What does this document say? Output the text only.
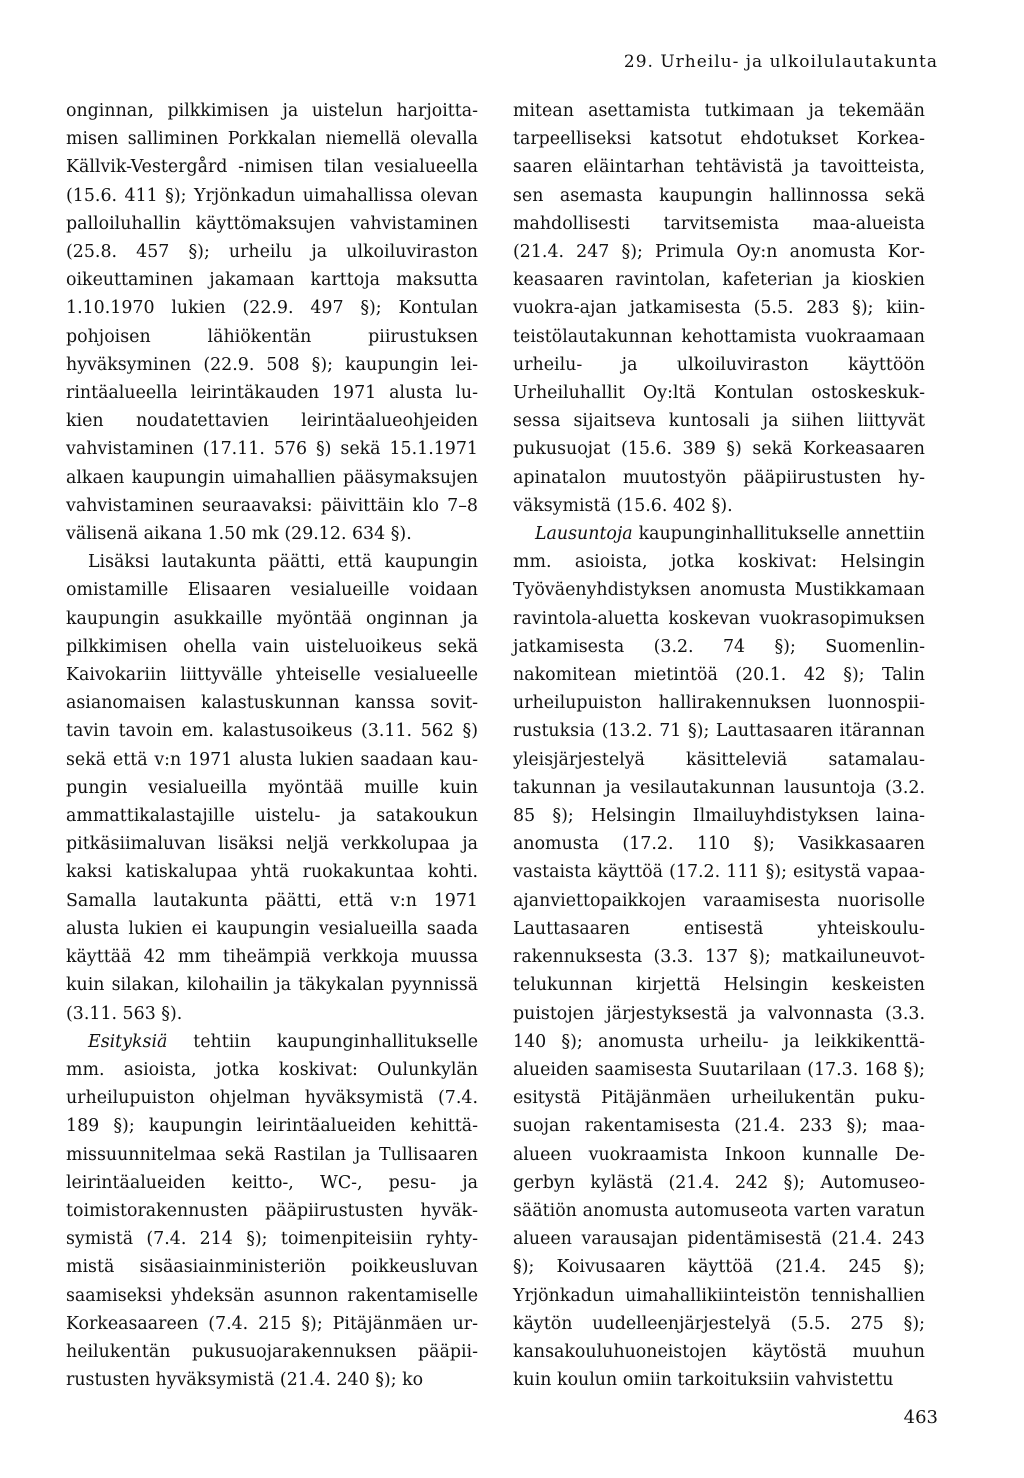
29. Urheilu- ja ulkoilulautakunta

onginnan, pilkkimisen ja uistelun harjoittamisen salliminen Porkkalan niemellä olevalla Källvik-Vestergård -nimisen tilan vesialueella (15.6. 411 §); Yrjönkadun uimahallissa olevan palloiluhallin käyttömaksujen vahvistaminen (25.8. 457 §); urheilu ja ulkoiluviraston oikeuttaminen jakamaan karttoja maksutta 1.10.1970 lukien (22.9. 497 §); Kontulan pohjoisen lähiökentän piirustuksen hyväksyminen (22.9. 508 §); kaupungin leirintäalueella leirintäkauden 1971 alusta lukien noudatettavien leirintäalueohjeiden vahvistaminen (17.11. 576 §) sekä 15.1.1971 alkaen kaupungin uimahallien pääsymaksujen vahvistaminen seuraavaksi: päivittäin klo 7–8 välisenä aikana 1.50 mk (29.12. 634 §).

Lisäksi lautakunta päätti, että kaupungin omistamille Elisaaren vesialueille voidaan kaupungin asukkaille myöntää onginnan ja pilkkimisen ohella vain uisteluoikeus sekä Kaivokariin liittyvälle yhteiselle vesialueelle asianomaisen kalastuskunnan kanssa sovittavin tavoin em. kalastusoikeus (3.11. 562 §) sekä että v:n 1971 alusta lukien saadaan kaupungin vesialueilla myöntää muille kuin ammattikalastajille uistelu- ja satakoukun pitkäsiimaluvan lisäksi neljä verkkolupaa ja kaksi katiskalupaa yhtä ruokakuntaa kohti. Samalla lautakunta päätti, että v:n 1971 alusta lukien ei kaupungin vesialueilla saada käyttää 42 mm tiheämpiä verkkoja muussa kuin silakan, kilohailin ja täkykalan pyynnissä (3.11. 563 §).

Esityksiä tehtiin kaupunginhallitukselle mm. asioista, jotka koskivat: Oulunkylän urheilupuiston ohjelman hyväksymistä (7.4. 189 §); kaupungin leirintäalueiden kehittämissuunnitelmaa sekä Rastilan ja Tullisaaren leirintäalueiden keitto-, WC-, pesu- ja toimistorakennusten pääpiirustusten hyväksymistä (7.4. 214 §); toimenpiteisiin ryhtymistä sisäasiainministeriön poikkeusluvan saamiseksi yhdeksän asunnon rakentamiselle Korkeasaareen (7.4. 215 §); Pitäjänmäen urheilukentän pukusuojarakennuksen pääpiirustusten hyväksymistä (21.4. 240 §); ko

mitean asettamista tutkimaan ja tekemään tarpeelliseksi katsotut ehdotukset Korkeasaaren eläintarhan tehtävistä ja tavoitteista, sen asemasta kaupungin hallinnossa sekä mahdollisesti tarvitsemista maa-alueista (21.4. 247 §); Primula Oy:n anomusta Korkeasaaren ravintolan, kafeterian ja kioskien vuokra-ajan jatkamisesta (5.5. 283 §); kiinteistölautakunnan kehottamista vuokraamaan urheilu- ja ulkoiluviraston käyttöön Urheiluhallit Oy:ltä Kontulan ostoskeskuksessa sijaitseva kuntosali ja siihen liittyvät pukusuojat (15.6. 389 §) sekä Korkeasaaren apinatalon muutostyön pääpiirustusten hyväksymistä (15.6. 402 §).

Lausuntoja kaupunginhallitukselle annettiin mm. asioista, jotka koskivat: Helsingin Työväenyhdistyksen anomusta Mustikkamaan ravintola-aluetta koskevan vuokrasopimuksen jatkamisesta (3.2. 74 §); Suomenlinnakomitean mietintöä (20.1. 42 §); Talin urheilupuiston hallirakennuksen luonnospiirustuksia (13.2. 71 §); Lauttasaaren itärannan yleisjärjestelyä käsitteleviä satamalautakunnan ja vesilautakunnan lausuntoja (3.2. 85 §); Helsingin Ilmailuyhdistyksen laina-anomusta (17.2. 110 §); Vasikkasaaren vastaista käyttöä (17.2. 111 §); esitystä vapaa-ajanviettopaikkojen varaamisesta nuorisolle Lauttasaaren entisestä yhteiskoulurakennuksesta (3.3. 137 §); matkailuneuvottelukunnan kirjettä Helsingin keskeisten puistojen järjestyksestä ja valvonnasta (3.3. 140 §); anomusta urheilu- ja leikkikenttäalueiden saamisesta Suutarilaan (17.3. 168 §); esitystä Pitäjänmäen urheilukentän pukusuojan rakentamisesta (21.4. 233 §); maaalueen vuokraamista Inkoon kunnalle Degerbyn kylästä (21.4. 242 §); Automuseosäätiön anomusta automuseota varten varatun alueen varausajan pidentämisestä (21.4. 243 §); Koivusaaren käyttöä (21.4. 245 §); Yrjönkadun uimahallikiinteistön tennishallien käytön uudelleenjärjestelyä (5.5. 275 §); kansakouluhuoneistojen käytöstä muuhun kuin koulun omiin tarkoituksiin vahvistettu

463
